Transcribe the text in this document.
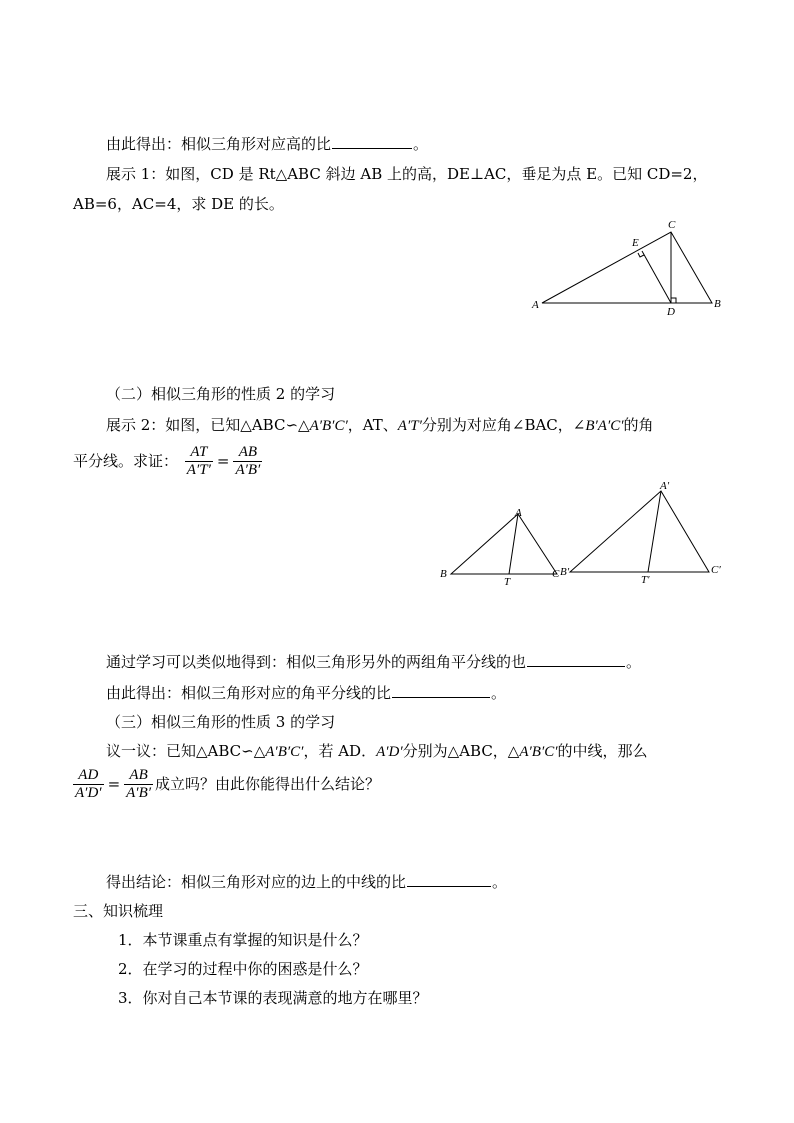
由此得出：相似三角形对应高的比	。
展示 1：如图，CD 是 Rt△ABC 斜边 AB 上的高，DE⊥AC，垂足为点 E。已知 CD=2，
AB=6，AC=4，求 DE 的长。
A	B
C
D
E
（二）相似三角形的性质 2 的学习
展示 2：如图，已知△ABC∽△A′B′C′，AT、A′T′分别为对应角∠BAC，∠B′A′C′的角
平分线。求证： $\frac{AT}{A'T'} = \frac{AB}{A'B'}$
B
A
T
C B′
A′
T′
C′
通过学习可以类似地得到：相似三角形另外的两组角平分线的也	。
由此得出：相似三角形对应的角平分线的比	。
（三）相似三角形的性质 3 的学习
议一议：已知△ABC∽△A′B′C′，若 AD．A′D′分别为△ABC，△A′B′C′的中线，那么
$\frac{AD}{A'D'} = \frac{AB}{A'B'}$ 成立吗？由此你能得出什么结论？
得出结论：相似三角形对应的边上的中线的比	。
三、知识梳理
1．本节课重点有掌握的知识是什么？
2．在学习的过程中你的困惑是什么？
3．你对自己本节课的表现满意的地方在哪里？
